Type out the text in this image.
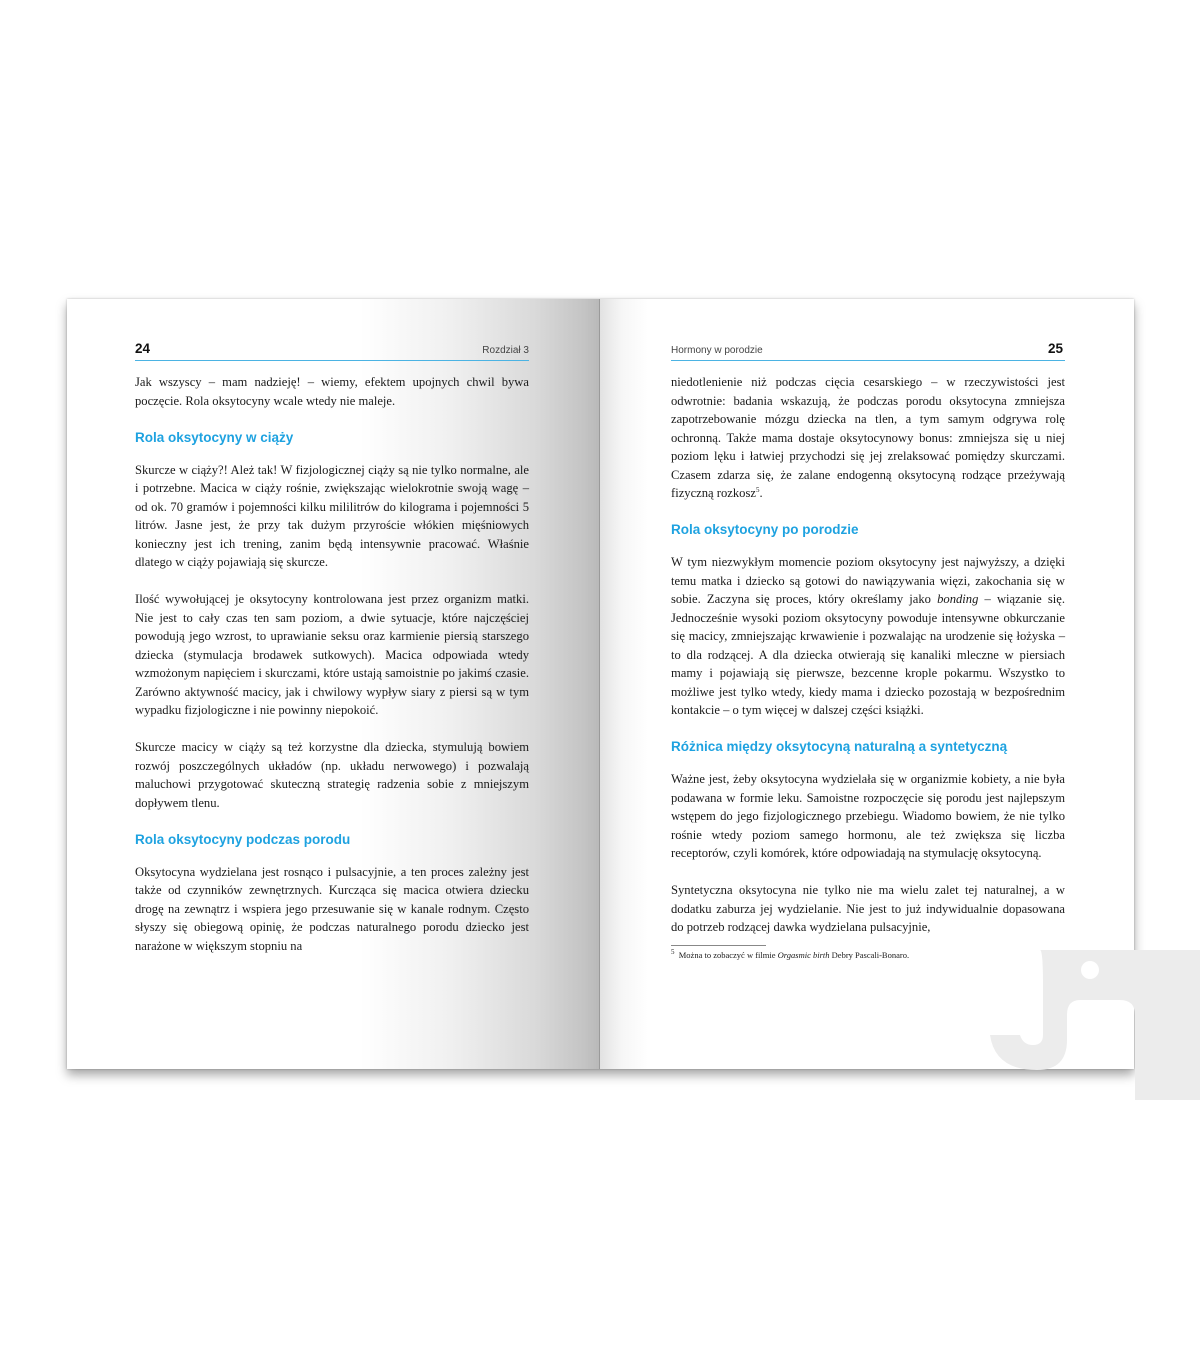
24	Rozdział 3

Jak wszyscy – mam nadzieję! – wiemy, efektem upojnych chwil bywa poczęcie. Rola oksytocyny wcale wtedy nie maleje.

Rola oksytocyny w ciąży

Skurcze w ciąży?! Ależ tak! W fizjologicznej ciąży są nie tylko normalne, ale i potrzebne. Macica w ciąży rośnie, zwiększając wielokrotnie swoją wagę – od ok. 70 gramów i pojemności kilku mililitrów do kilograma i pojemności 5 litrów. Jasne jest, że przy tak dużym przyroście włókien mięśniowych konieczny jest ich trening, zanim będą intensywnie pracować. Właśnie dlatego w ciąży pojawiają się skurcze.

Ilość wywołującej je oksytocyny kontrolowana jest przez organizm matki. Nie jest to cały czas ten sam poziom, a dwie sytuacje, które najczęściej powodują jego wzrost, to uprawianie seksu oraz karmienie piersią starszego dziecka (stymulacja brodawek sutkowych). Macica odpowiada wtedy wzmożonym napięciem i skurczami, które ustają samoistnie po jakimś czasie. Zarówno aktywność macicy, jak i chwilowy wypływ siary z piersi są w tym wypadku fizjologiczne i nie powinny niepokoić.

Skurcze macicy w ciąży są też korzystne dla dziecka, stymulują bowiem rozwój poszczególnych układów (np. układu nerwowego) i pozwalają maluchowi przygotować skuteczną strategię radzenia sobie z mniejszym dopływem tlenu.

Rola oksytocyny podczas porodu

Oksytocyna wydzielana jest rosnąco i pulsacyjnie, a ten proces zależny jest także od czynników zewnętrznych. Kurcząca się macica otwiera dziecku drogę na zewnątrz i wspiera jego przesuwanie się w kanale rodnym. Często słyszy się obiegową opinię, że podczas naturalnego porodu dziecko jest narażone w większym stopniu na

Hormony w porodzie	25

niedotlenienie niż podczas cięcia cesarskiego – w rzeczywistości jest odwrotnie: badania wskazują, że podczas porodu oksytocyna zmniejsza zapotrzebowanie mózgu dziecka na tlen, a tym samym odgrywa rolę ochronną. Także mama dostaje oksytocynowy bonus: zmniejsza się u niej poziom lęku i łatwiej przychodzi się jej zrelaksować pomiędzy skurczami. Czasem zdarza się, że zalane endogenną oksytocyną rodzące przeżywają fizyczną rozkosz$^5$.

Rola oksytocyny po porodzie

W tym niezwykłym momencie poziom oksytocyny jest najwyższy, a dzięki temu matka i dziecko są gotowi do nawiązywania więzi, zakochania się w sobie. Zaczyna się proces, który określamy jako bonding – wiązanie się. Jednocześnie wysoki poziom oksytocyny powoduje intensywne obkurczanie się macicy, zmniejszając krwawienie i pozwalając na urodzenie się łożyska – to dla rodzącej. A dla dziecka otwierają się kanaliki mleczne w piersiach mamy i pojawiają się pierwsze, bezcenne krople pokarmu. Wszystko to możliwe jest tylko wtedy, kiedy mama i dziecko pozostają w bezpośrednim kontakcie – o tym więcej w dalszej części książki.

Różnica między oksytocyną naturalną a syntetyczną

Ważne jest, żeby oksytocyna wydzielała się w organizmie kobiety, a nie była podawana w formie leku. Samoistne rozpoczęcie się porodu jest najlepszym wstępem do jego fizjologicznego przebiegu. Wiadomo bowiem, że nie tylko rośnie wtedy poziom samego hormonu, ale też zwiększa się liczba receptorów, czyli komórek, które odpowiadają na stymulację oksytocyną.

Syntetyczna oksytocyna nie tylko nie ma wielu zalet tej naturalnej, a w dodatku zaburza jej wydzielanie. Nie jest to już indywidualnie dopasowana do potrzeb rodzącej dawka wydzielana pulsacyjnie,

$^5$ Można to zobaczyć w filmie Orgasmic birth Debry Pascali-Bonaro.
